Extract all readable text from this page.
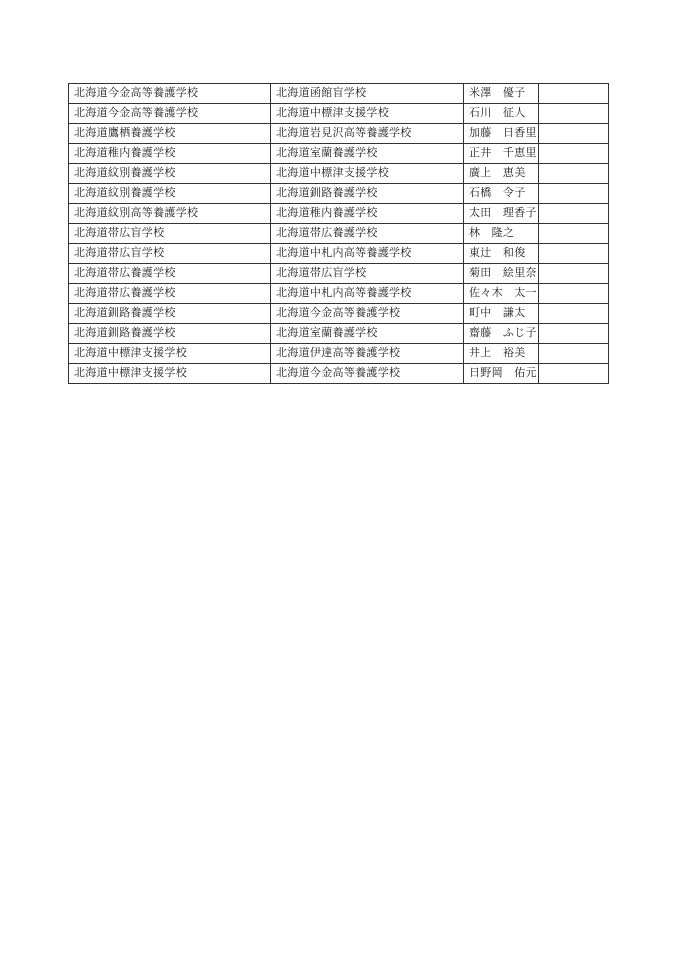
北海道今金高等養護学校	北海道函館盲学校	米澤　優子	
北海道今金高等養護学校	北海道中標津支援学校	石川　征人	
北海道鷹栖養護学校	北海道岩見沢高等養護学校	加藤　日香里	
北海道稚内養護学校	北海道室蘭養護学校	正井　千恵里	
北海道紋別養護学校	北海道中標津支援学校	廣上　恵美	
北海道紋別養護学校	北海道釧路養護学校	石橋　令子	
北海道紋別高等養護学校	北海道稚内養護学校	太田　理香子	
北海道帯広盲学校	北海道帯広養護学校	林　隆之	
北海道帯広盲学校	北海道中札内高等養護学校	東辻　和俊	
北海道帯広養護学校	北海道帯広盲学校	菊田　絵里奈	
北海道帯広養護学校	北海道中札内高等養護学校	佐々木　太一	
北海道釧路養護学校	北海道今金高等養護学校	町中　謙太	
北海道釧路養護学校	北海道室蘭養護学校	齋藤　ふじ子	
北海道中標津支援学校	北海道伊達高等養護学校	井上　裕美	
北海道中標津支援学校	北海道今金高等養護学校	日野岡　佑元	
